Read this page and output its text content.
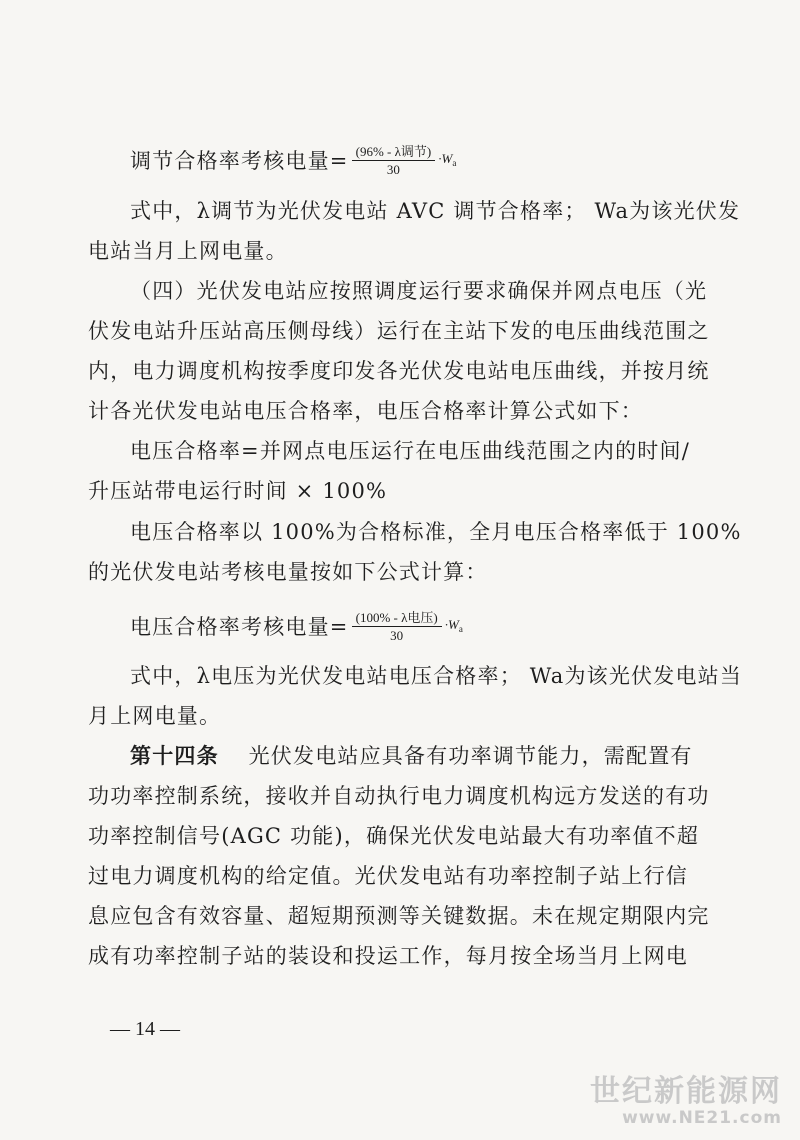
调节合格率考核电量= $\frac{\text{(96\% - λ调节)}}{30} \cdot W_a$
式中，λ调节为光伏发电站 AVC 调节合格率； Wa为该光伏发
电站当月上网电量。
（四）光伏发电站应按照调度运行要求确保并网点电压（光
伏发电站升压站高压侧母线）运行在主站下发的电压曲线范围之
内，电力调度机构按季度印发各光伏发电站电压曲线，并按月统
计各光伏发电站电压合格率，电压合格率计算公式如下：
电压合格率=并网点电压运行在电压曲线范围之内的时间/
升压站带电运行时间 × 100%
电压合格率以 100%为合格标准，全月电压合格率低于 100%
的光伏发电站考核电量按如下公式计算：
电压合格率考核电量= $\frac{\text{(100\% - λ电压)}}{30} \cdot W_a$
式中，λ电压为光伏发电站电压合格率； Wa为该光伏发电站当
月上网电量。
第十四条 光伏发电站应具备有功率调节能力，需配置有
功功率控制系统，接收并自动执行电力调度机构远方发送的有功
功率控制信号(AGC 功能)，确保光伏发电站最大有功率值不超
过电力调度机构的给定值。光伏发电站有功率控制子站上行信
息应包含有效容量、超短期预测等关键数据。未在规定期限内完
成有功率控制子站的装设和投运工作，每月按全场当月上网电
— 14 —
世纪新能源网
www.NE21.com
